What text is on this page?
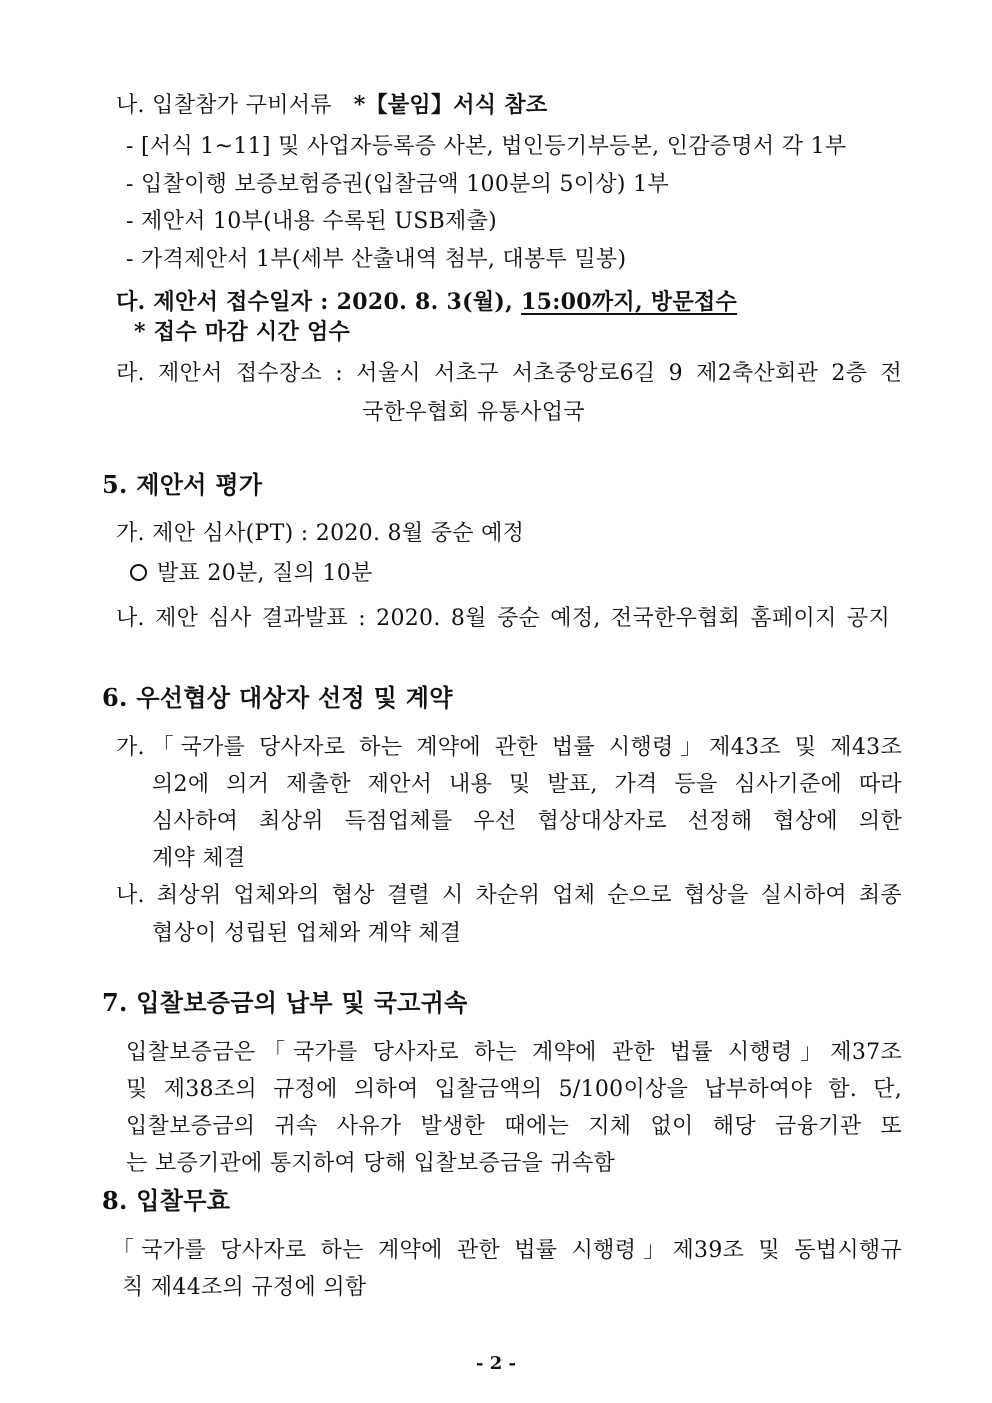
나. 입찰참가 구비서류 *【붙임】서식 참조
- [서식 1~11] 및 사업자등록증 사본, 법인등기부등본, 인감증명서 각 1부
- 입찰이행 보증보험증권(입찰금액 100분의 5이상) 1부
- 제안서 10부(내용 수록된 USB제출)
- 가격제안서 1부(세부 산출내역 첨부, 대봉투 밀봉)
다. 제안서 접수일자 : 2020. 8. 3(월), 15:00까지, 방문접수
* 접수 마감 시간 엄수
라. 제안서 접수장소 : 서울시 서초구 서초중앙로6길 9 제2축산회관 2층 전
국한우협회 유통사업국
5. 제안서 평가
가. 제안 심사(PT) : 2020. 8월 중순 예정
발표 20분, 질의 10분
나. 제안 심사 결과발표 : 2020. 8월 중순 예정, 전국한우협회 홈페이지 공지
6. 우선협상 대상자 선정 및 계약
가.「국가를 당사자로 하는 계약에 관한 법률 시행령」제43조 및 제43조
의2에 의거 제출한 제안서 내용 및 발표, 가격 등을 심사기준에 따라
심사하여 최상위 득점업체를 우선 협상대상자로 선정해 협상에 의한
계약 체결
나. 최상위 업체와의 협상 결렬 시 차순위 업체 순으로 협상을 실시하여 최종
협상이 성립된 업체와 계약 체결
7. 입찰보증금의 납부 및 국고귀속
입찰보증금은「국가를 당사자로 하는 계약에 관한 법률 시행령」제37조
및 제38조의 규정에 의하여 입찰금액의 5/100이상을 납부하여야 함. 단,
입찰보증금의 귀속 사유가 발생한 때에는 지체 없이 해당 금융기관 또
는 보증기관에 통지하여 당해 입찰보증금을 귀속함
8. 입찰무효
「국가를 당사자로 하는 계약에 관한 법률 시행령」제39조 및 동법시행규
칙 제44조의 규정에 의함
- 2 -
